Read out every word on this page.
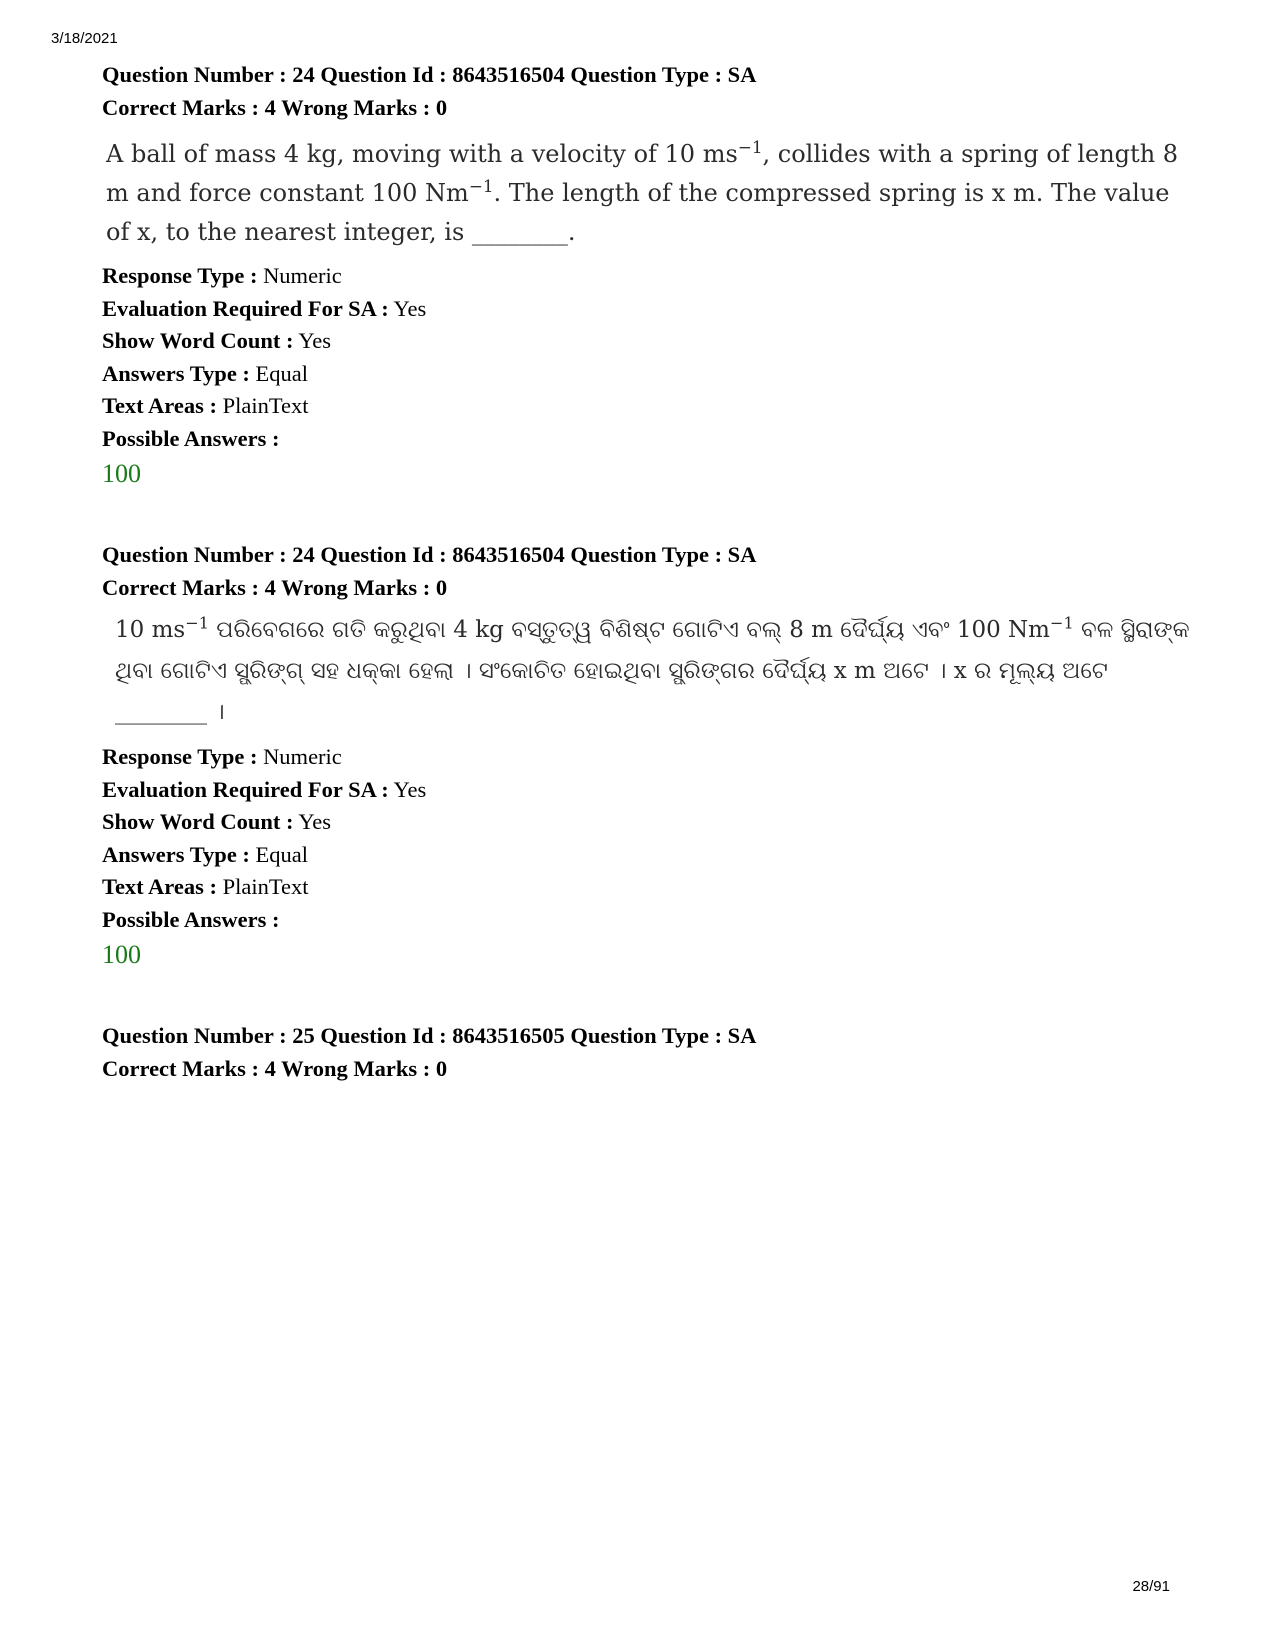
3/18/2021
Question Number : 24 Question Id : 8643516504 Question Type : SA
Correct Marks : 4 Wrong Marks : 0
A ball of mass 4 kg, moving with a velocity of 10 $ms^{-1}$, collides with a spring of length 8 m and force constant 100 $Nm^{-1}$. The length of the compressed spring is x m. The value of x, to the nearest integer, is ________.
Response Type : Numeric
Evaluation Required For SA : Yes
Show Word Count : Yes
Answers Type : Equal
Text Areas : PlainText
Possible Answers :
100
Question Number : 24 Question Id : 8643516504 Question Type : SA
Correct Marks : 4 Wrong Marks : 0
10 $ms^{-1}$ ପରିବେଗରେ ଗତି କରୁଥିବା 4 kg ବସ୍ତୁତ୍ୱ ବିଶିଷ୍ଟ ଗୋଟିଏ ବଲ୍ 8 m ଦୈର୍ଘ୍ୟ ଏବଂ 100 $Nm^{-1}$ ବଳ ସ୍ଥିରାଙ୍କ ଥିବା ଗୋଟିଏ ସ୍ପ୍ରିଙ୍ଗ୍ ସହ ଧକ୍କା ହେଲା । ସଂକୋଚିତ ହୋଇଥିବା ସ୍ପ୍ରିଙ୍ଗର ଦୈର୍ଘ୍ୟ x m ଅଟେ । x ର ମୂଲ୍ୟ ଅଟେ ________ ।
Response Type : Numeric
Evaluation Required For SA : Yes
Show Word Count : Yes
Answers Type : Equal
Text Areas : PlainText
Possible Answers :
100
Question Number : 25 Question Id : 8643516505 Question Type : SA
Correct Marks : 4 Wrong Marks : 0
28/91
